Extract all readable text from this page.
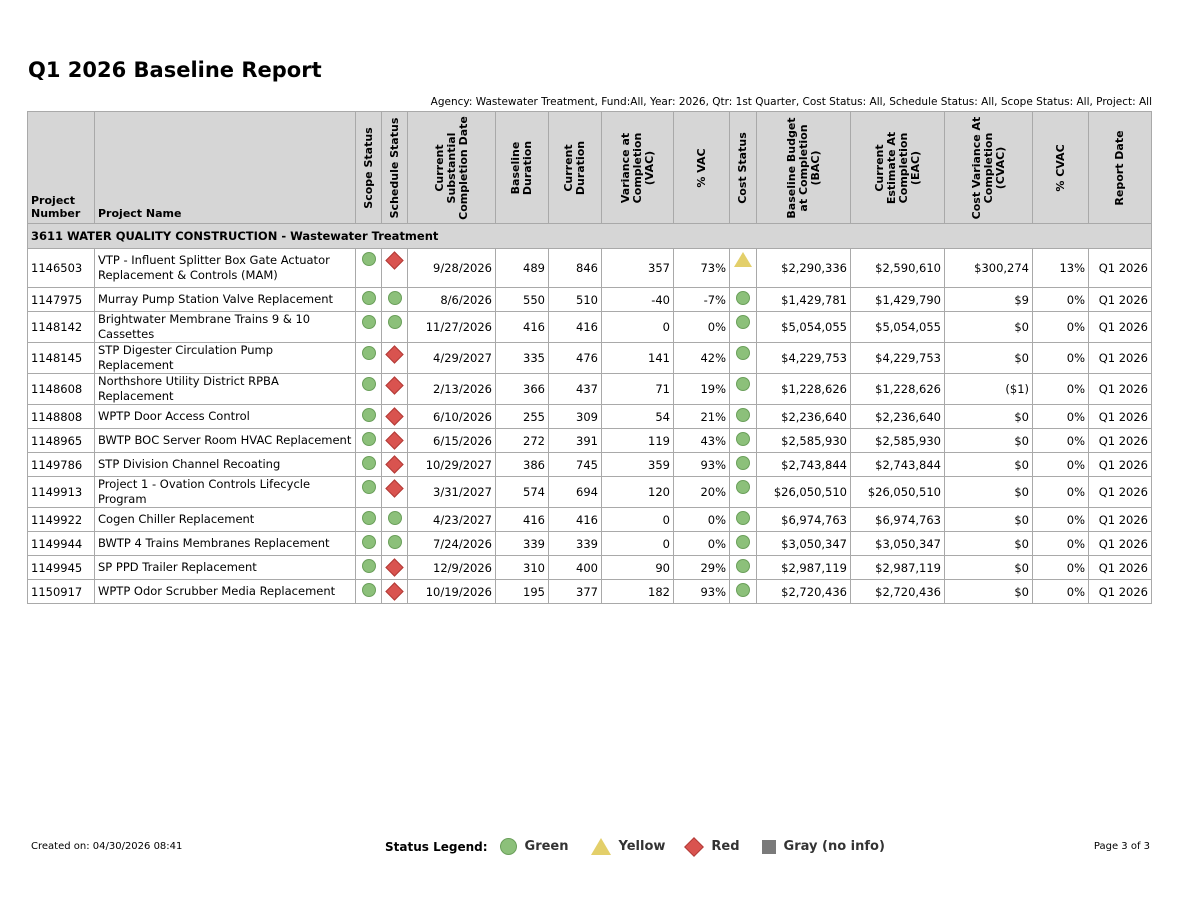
Q1 2026 Baseline Report
Agency: Wastewater Treatment, Fund:All, Year: 2026, Qtr: 1st Quarter, Cost Status: All, Schedule Status: All, Scope Status: All, Project: All
Project Number	Project Name	Scope Status	Schedule Status	Current Substantial Completion Date	Baseline Duration	Current Duration	Variance at Completion (VAC)	% VAC	Cost Status	Baseline Budget at Completion (BAC)	Current Estimate At Completion (EAC)	Cost Variance At Completion (CVAC)	% CVAC	Report Date

3611 WATER QUALITY CONSTRUCTION - Wastewater Treatment														
1146503	VTP - Influent Splitter Box Gate Actuator Replacement & Controls (MAM)			9/28/2026	489	846	357	73%		$2,290,336	$2,590,610	$300,274	13%	Q1 2026
1147975	Murray Pump Station Valve Replacement			8/6/2026	550	510	-40	-7%		$1,429,781	$1,429,790	$9	0%	Q1 2026
1148142	Brightwater Membrane Trains 9 & 10 Cassettes			11/27/2026	416	416	0	0%		$5,054,055	$5,054,055	$0	0%	Q1 2026
1148145	STP Digester Circulation Pump Replacement			4/29/2027	335	476	141	42%		$4,229,753	$4,229,753	$0	0%	Q1 2026
1148608	Northshore Utility District RPBA Replacement			2/13/2026	366	437	71	19%		$1,228,626	$1,228,626	($1)	0%	Q1 2026
1148808	WPTP Door Access Control			6/10/2026	255	309	54	21%		$2,236,640	$2,236,640	$0	0%	Q1 2026
1148965	BWTP BOC Server Room HVAC Replacement			6/15/2026	272	391	119	43%		$2,585,930	$2,585,930	$0	0%	Q1 2026
1149786	STP Division Channel Recoating			10/29/2027	386	745	359	93%		$2,743,844	$2,743,844	$0	0%	Q1 2026
1149913	Project 1 - Ovation Controls Lifecycle Program			3/31/2027	574	694	120	20%		$26,050,510	$26,050,510	$0	0%	Q1 2026
1149922	Cogen Chiller Replacement			4/23/2027	416	416	0	0%		$6,974,763	$6,974,763	$0	0%	Q1 2026
1149944	BWTP 4 Trains Membranes Replacement			7/24/2026	339	339	0	0%		$3,050,347	$3,050,347	$0	0%	Q1 2026
1149945	SP PPD Trailer Replacement			12/9/2026	310	400	90	29%		$2,987,119	$2,987,119	$0	0%	Q1 2026
1150917	WPTP Odor Scrubber Media Replacement			10/19/2026	195	377	182	93%		$2,720,436	$2,720,436	$0	0%	Q1 2026
Created on: 04/30/2026 08:41	Status Legend:	Green	Yellow	Red	Gray (no info)	Page 3 of 3
